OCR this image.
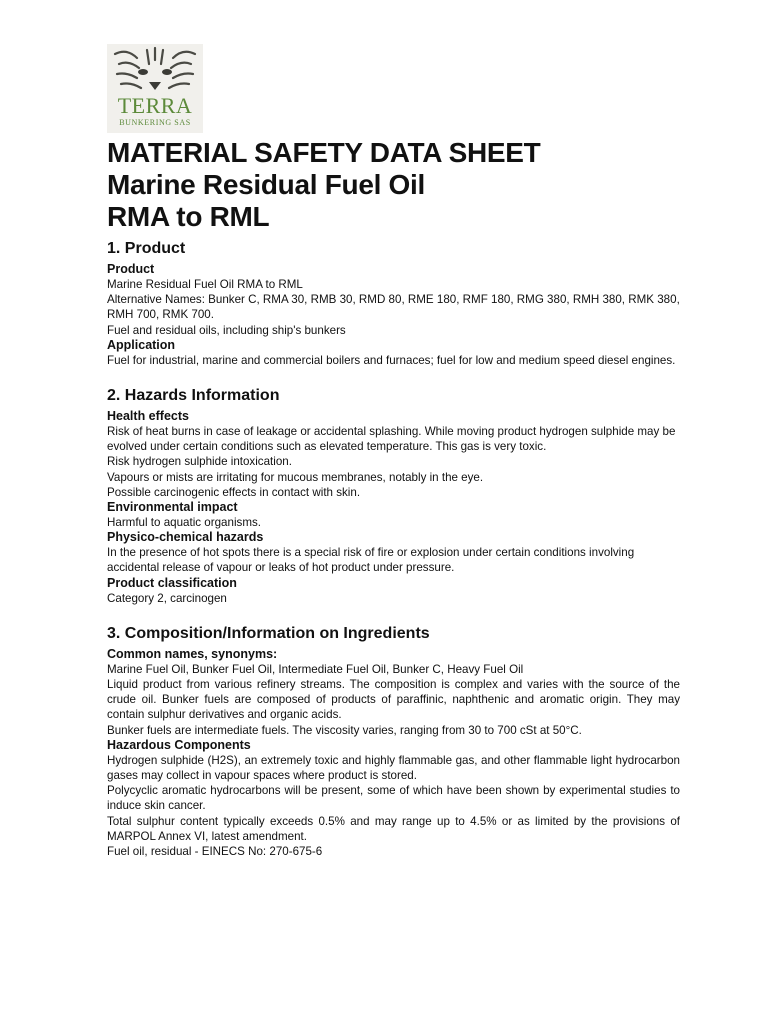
TERRA
BUNKERING SAS
MATERIAL SAFETY DATA SHEET
Marine Residual Fuel Oil
RMA to RML
1. Product
Product

Marine Residual Fuel Oil RMA to RML

Alternative Names: Bunker C, RMA 30, RMB 30, RMD 80, RME 180, RMF 180, RMG 380, RMH 380, RMK 380, RMH 700, RMK 700.

Fuel and residual oils, including ship's bunkers

Application

Fuel for industrial, marine and commercial boilers and furnaces; fuel for low and medium speed diesel engines.

2. Hazards Information
Health effects

Risk of heat burns in case of leakage or accidental splashing. While moving product hydrogen sulphide may be evolved under certain conditions such as elevated temperature. This gas is very toxic.

Risk hydrogen sulphide intoxication.

Vapours or mists are irritating for mucous membranes, notably in the eye.

Possible carcinogenic effects in contact with skin.

Environmental impact

Harmful to aquatic organisms.

Physico-chemical hazards

In the presence of hot spots there is a special risk of fire or explosion under certain conditions involving accidental release of vapour or leaks of hot product under pressure.

Product classification

Category 2, carcinogen

3. Composition/Information on Ingredients
Common names, synonyms:

Marine Fuel Oil, Bunker Fuel Oil, Intermediate Fuel Oil, Bunker C, Heavy Fuel Oil

Liquid product from various refinery streams. The composition is complex and varies with the source of the crude oil. Bunker fuels are composed of products of paraffinic, naphthenic and aromatic origin. They may contain sulphur derivatives and organic acids.

Bunker fuels are intermediate fuels. The viscosity varies, ranging from 30 to 700 cSt at 50°C.

Hazardous Components

Hydrogen sulphide (H2S), an extremely toxic and highly flammable gas, and other flammable light hydrocarbon gases may collect in vapour spaces where product is stored.

Polycyclic aromatic hydrocarbons will be present, some of which have been shown by experimental studies to induce skin cancer.

Total sulphur content typically exceeds 0.5% and may range up to 4.5% or as limited by the provisions of MARPOL Annex VI, latest amendment.

Fuel oil, residual - EINECS No: 270-675-6
